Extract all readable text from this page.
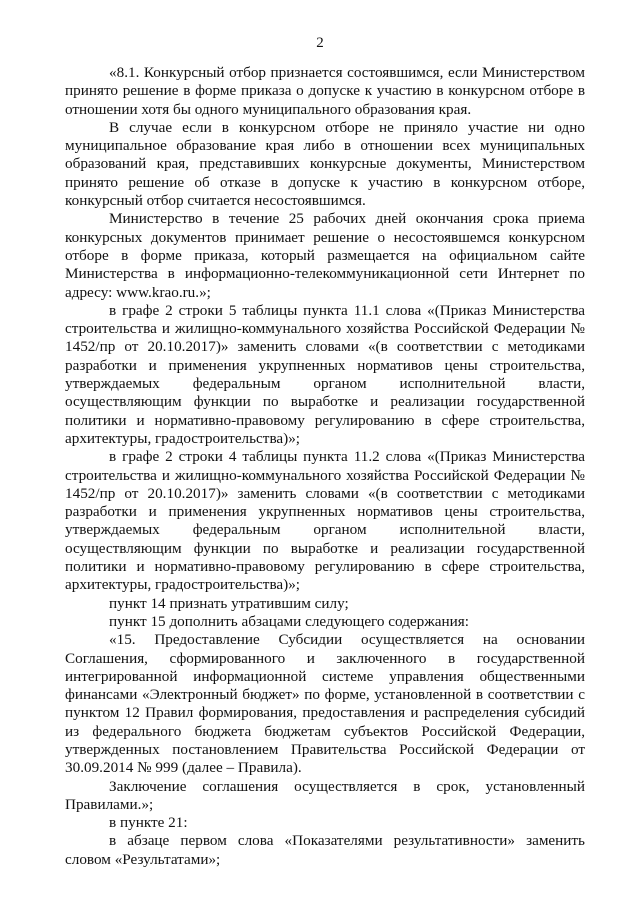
2

«8.1. Конкурсный отбор признается состоявшимся, если Министерством принято решение в форме приказа о допуске к участию в конкурсном отборе в отношении хотя бы одного муниципального образования края.

В случае если в конкурсном отборе не приняло участие ни одно муниципальное образование края либо в отношении всех муниципальных образований края, представивших конкурсные документы, Министерством принято решение об отказе в допуске к участию в конкурсном отборе, конкурсный отбор считается несостоявшимся.

Министерство в течение 25 рабочих дней окончания срока приема конкурсных документов принимает решение о несостоявшемся конкурсном отборе в форме приказа, который размещается на официальном сайте Министерства в информационно-телекоммуникационной сети Интернет по адресу: www.krao.ru.»;

в графе 2 строки 5 таблицы пункта 11.1 слова «(Приказ Министерства строительства и жилищно-коммунального хозяйства Российской Федерации № 1452/пр от 20.10.2017)» заменить словами «(в соответствии с методиками разработки и применения укрупненных нормативов цены строительства, утверждаемых федеральным органом исполнительной власти, осуществляющим функции по выработке и реализации государственной политики и нормативно-правовому регулированию в сфере строительства, архитектуры, градостроительства)»;

в графе 2 строки 4 таблицы пункта 11.2 слова «(Приказ Министерства строительства и жилищно-коммунального хозяйства Российской Федерации № 1452/пр от 20.10.2017)» заменить словами «(в соответствии с методиками разработки и применения укрупненных нормативов цены строительства, утверждаемых федеральным органом исполнительной власти, осуществляющим функции по выработке и реализации государственной политики и нормативно-правовому регулированию в сфере строительства, архитектуры, градостроительства)»;

пункт 14 признать утратившим силу;

пункт 15 дополнить абзацами следующего содержания:

«15. Предоставление Субсидии осуществляется на основании Соглашения, сформированного и заключенного в государственной интегрированной информационной системе управления общественными финансами «Электронный бюджет» по форме, установленной в соответствии с пунктом 12 Правил формирования, предоставления и распределения субсидий из федерального бюджета бюджетам субъектов Российской Федерации, утвержденных постановлением Правительства Российской Федерации от 30.09.2014 № 999 (далее – Правила).

Заключение соглашения осуществляется в срок, установленный Правилами.»;

в пункте 21:

в абзаце первом слова «Показателями результативности» заменить словом «Результатами»;
